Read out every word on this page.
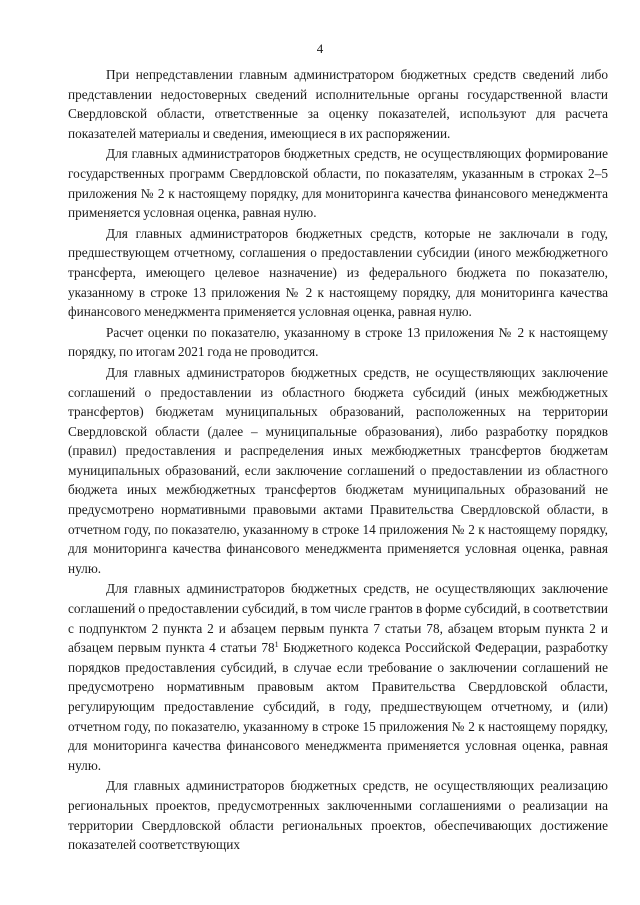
4

При непредставлении главным администратором бюджетных средств сведений либо представлении недостоверных сведений исполнительные органы государственной власти Свердловской области, ответственные за оценку показателей, используют для расчета показателей материалы и сведения, имеющиеся в их распоряжении.

Для главных администраторов бюджетных средств, не осуществляющих формирование государственных программ Свердловской области, по показателям, указанным в строках 2–5 приложения № 2 к настоящему порядку, для мониторинга качества финансового менеджмента применяется условная оценка, равная нулю.

Для главных администраторов бюджетных средств, которые не заключали в году, предшествующем отчетному, соглашения о предоставлении субсидии (иного межбюджетного трансферта, имеющего целевое назначение) из федерального бюджета по показателю, указанному в строке 13 приложения № 2 к настоящему порядку, для мониторинга качества финансового менеджмента применяется условная оценка, равная нулю.

Расчет оценки по показателю, указанному в строке 13 приложения № 2 к настоящему порядку, по итогам 2021 года не проводится.

Для главных администраторов бюджетных средств, не осуществляющих заключение соглашений о предоставлении из областного бюджета субсидий (иных межбюджетных трансфертов) бюджетам муниципальных образований, расположенных на территории Свердловской области (далее – муниципальные образования), либо разработку порядков (правил) предоставления и распределения иных межбюджетных трансфертов бюджетам муниципальных образований, если заключение соглашений о предоставлении из областного бюджета иных межбюджетных трансфертов бюджетам муниципальных образований не предусмотрено нормативными правовыми актами Правительства Свердловской области, в отчетном году, по показателю, указанному в строке 14 приложения № 2 к настоящему порядку, для мониторинга качества финансового менеджмента применяется условная оценка, равная нулю.

Для главных администраторов бюджетных средств, не осуществляющих заключение соглашений о предоставлении субсидий, в том числе грантов в форме субсидий, в соответствии с подпунктом 2 пункта 2 и абзацем первым пункта 7 статьи 78, абзацем вторым пункта 2 и абзацем первым пункта 4 статьи $78^1$ Бюджетного кодекса Российской Федерации, разработку порядков предоставления субсидий, в случае если требование о заключении соглашений не предусмотрено нормативным правовым актом Правительства Свердловской области, регулирующим предоставление субсидий, в году, предшествующем отчетному, и (или) отчетном году, по показателю, указанному в строке 15 приложения № 2 к настоящему порядку, для мониторинга качества финансового менеджмента применяется условная оценка, равная нулю.

Для главных администраторов бюджетных средств, не осуществляющих реализацию региональных проектов, предусмотренных заключенными соглашениями о реализации на территории Свердловской области региональных проектов, обеспечивающих достижение показателей соответствующих
